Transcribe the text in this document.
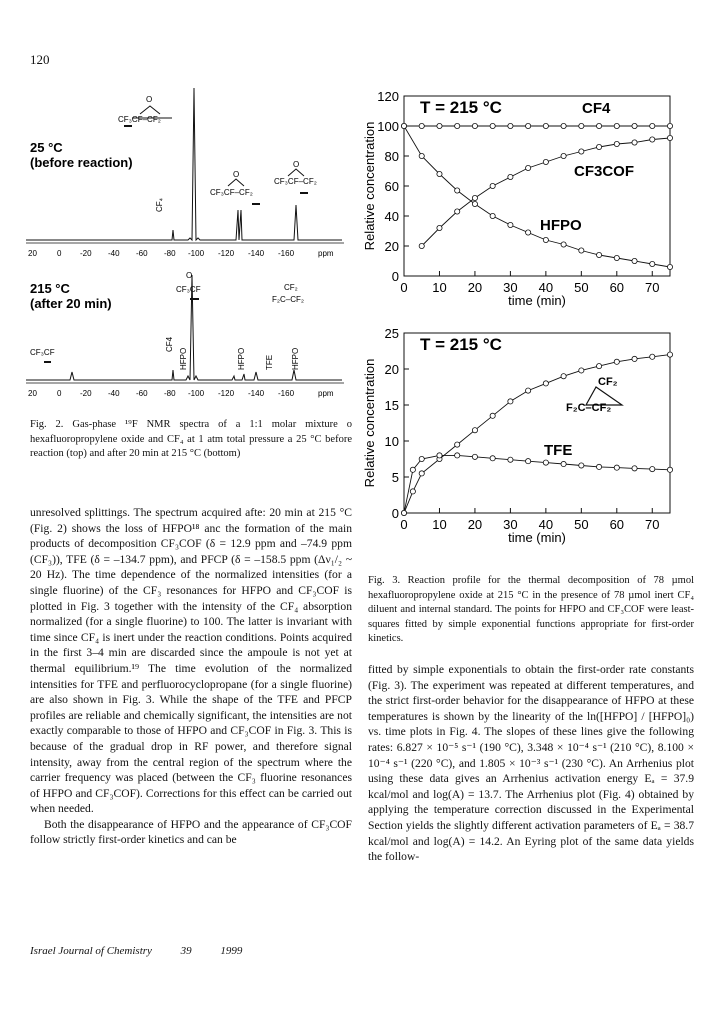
120
25 °C
(before reaction)
CF₃CF–CF₂
O
CF₃CF–CF₂
O
CF₃CF–CF₂
O
CF₄
20	0 -20 -40 -60 -80 -100 -120 -140 -160	ppm
215 °C
(after 20 min)
CF₃CF
O
CF₂
F₂C–CF₂
CF₃CF
CF4
HFPO	HFPO TFE HFPO
20	0 -20 -40 -60 -80 -100 -120 -140 -160	ppm
Fig. 2. Gas-phase ¹⁹F NMR spectra of a 1:1 molar mixture o hexafluoropropylene oxide and CF₄ at 1 atm total pressure a 25 °C before reaction (top) and after 20 min at 215 °C (bottom)
0
20
40
60
80
100
120
0 10 20 30 40 50 60 70
time (min)
Relative concentration
T = 215 °C	CF4
CF3COF
HFPO
0
5
10
15
20
25
0 10 20 30 40 50 60 70
time (min)
Relative concentration
T = 215 °C
TFE
CF₂
F₂C–CF₂
Fig. 3. Reaction profile for the thermal decomposition of 78 µmol hexafluoropropylene oxide at 215 °C in the presence of 78 µmol inert CF₄ diluent and internal standard. The points for HFPO and CF₃COF were least-squares fitted by simple exponential functions appropriate for first-order kinetics.

unresolved splittings. The spectrum acquired afte: 20 min at 215 °C (Fig. 2) shows the loss of HFPO¹⁸ anc the formation of the main products of decomposition CF₃COF (δ = 12.9 ppm and –74.9 ppm (CF₃)), TFE (δ = –134.7 ppm), and PFCP (δ = –158.5 ppm (Δν₁/₂ ~ 20 Hz). The time dependence of the normalized intensities (for a single fluorine) of the CF₃ resonances for HFPO and CF₃COF is plotted in Fig. 3 together with the intensity of the CF₄ absorption normalized (for a single fluorine) to 100. The latter is invariant with time since CF₄ is inert under the reaction conditions. Points acquired in the first 3–4 min are discarded since the ampoule is not yet at thermal equilibrium.¹⁹ The time evolution of the normalized intensities for TFE and perfluorocyclopropane (for a single fluorine) are also shown in Fig. 3. While the shape of the TFE and PFCP profiles are reliable and chemically significant, the intensities are not exactly comparable to those of HFPO and CF₃COF in Fig. 3. This is because of the gradual drop in RF power, and therefore signal intensity, away from the central region of the spectrum where the carrier frequency was placed (between the CF₃ fluorine resonances of HFPO and CF₃COF). Corrections for this effect can be carried out when needed.

Both the disappearance of HFPO and the appearance of CF₃COF follow strictly first-order kinetics and can be

fitted by simple exponentials to obtain the first-order rate constants (Fig. 3). The experiment was repeated at different temperatures, and the strict first-order behavior for the disappearance of HFPO at these temperatures is shown by the linearity of the ln([HFPO] / [HFPO]₀) vs. time plots in Fig. 4. The slopes of these lines give the following rates: 6.827 × 10⁻⁵ s⁻¹ (190 °C), 3.348 × 10⁻⁴ s⁻¹ (210 °C), 8.100 × 10⁻⁴ s⁻¹ (220 °C), and 1.805 × 10⁻³ s⁻¹ (230 °C). An Arrhenius plot using these data gives an Arrhenius activation energy Eₐ = 37.9 kcal/mol and log(A) = 13.7. The Arrhenius plot (Fig. 4) obtained by applying the temperature correction discussed in the Experimental Section yields the slightly different activation parameters of Eₐ = 38.7 kcal/mol and log(A) = 14.2. An Eyring plot of the same data yields the follow-
Israel Journal of Chemistry	39	1999
